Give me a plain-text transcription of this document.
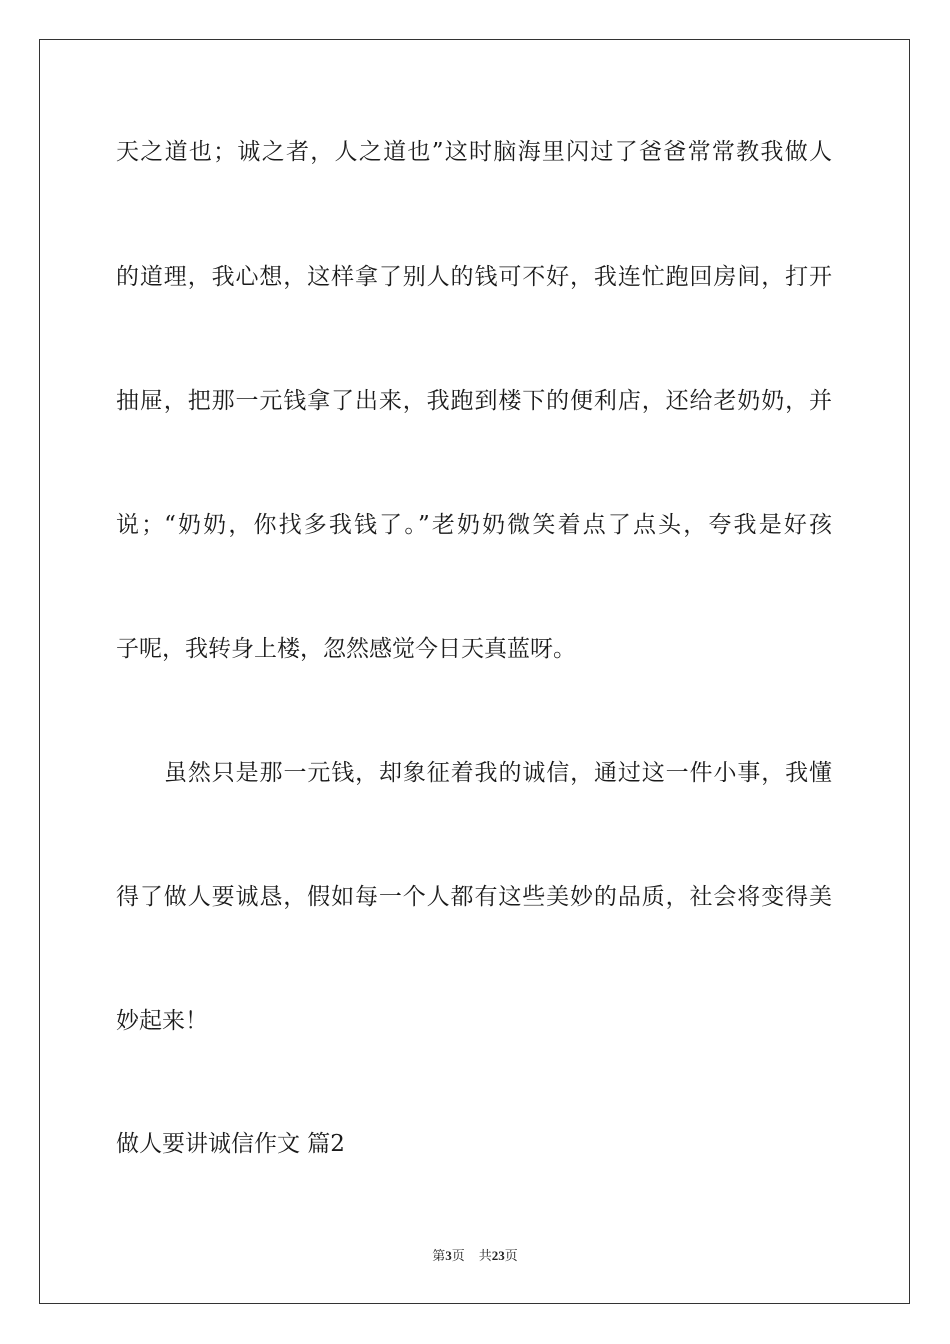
天之道也；诚之者，人之道也”这时脑海里闪过了爸爸常常教我做人
的道理，我心想，这样拿了别人的钱可不好，我连忙跑回房间，打开
抽屉，把那一元钱拿了出来，我跑到楼下的便利店，还给老奶奶，并
说；“奶奶，你找多我钱了。”老奶奶微笑着点了点头，夸我是好孩
子呢，我转身上楼，忽然感觉今日天真蓝呀。
虽然只是那一元钱，却象征着我的诚信，通过这一件小事，我懂
得了做人要诚恳，假如每一个人都有这些美妙的品质，社会将变得美
妙起来！
做人要讲诚信作文 篇2
第3页 共23页
